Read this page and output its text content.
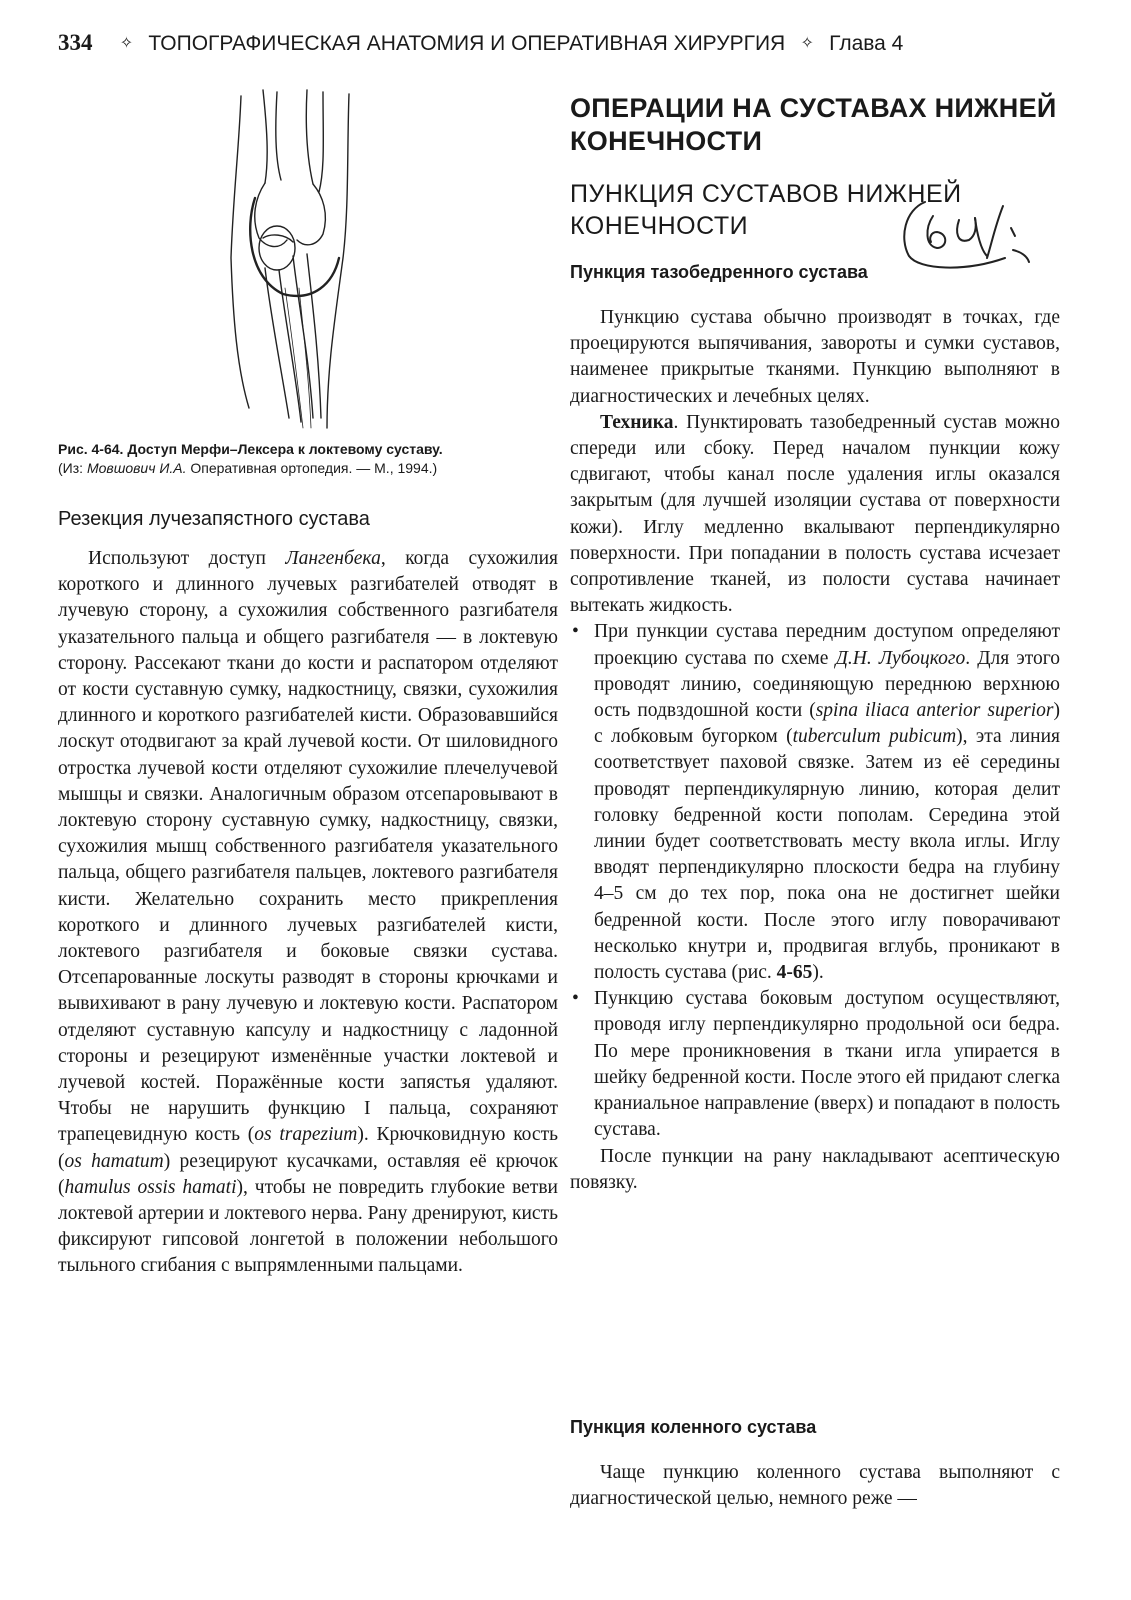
334 ✧ ТОПОГРАФИЧЕСКАЯ АНАТОМИЯ И ОПЕРАТИВНАЯ ХИРУРГИЯ ✧ Глава 4
Рис. 4-64. Доступ Мерфи–Лексера к локтевому суставу.
(Из: Мовшович И.А. Оперативная ортопедия. — М., 1994.)
Резекция лучезапястного сустава

Используют доступ Лангенбека, когда сухожилия короткого и длинного лучевых разгибателей отводят в лучевую сторону, а сухожилия собственного разгибателя указательного пальца и общего разгибателя — в локтевую сторону. Рассекают ткани до кости и распатором отделяют от кости суставную сумку, надкостницу, связки, сухожилия длинного и короткого разгибателей кисти. Образовавшийся лоскут отодвигают за край лучевой кости. От шиловидного отростка лучевой кости отделяют сухожилие плечелучевой мышцы и связки. Аналогичным образом отсепаровывают в локтевую сторону суставную сумку, надкостницу, связки, сухожилия мышц собственного разгибателя указательного пальца, общего разгибателя пальцев, локтевого разгибателя кисти. Желательно сохранить место прикрепления короткого и длинного лучевых разгибателей кисти, локтевого разгибателя и боковые связки сустава. Отсепарованные лоскуты разводят в стороны крючками и вывихивают в рану лучевую и локтевую кости. Распатором отделяют суставную капсулу и надкостницу с ладонной стороны и резецируют изменённые участки локтевой и лучевой костей. Поражённые кости запястья удаляют. Чтобы не нарушить функцию I пальца, сохраняют трапецевидную кость (os trapezium). Крючковидную кость (os hamatum) резецируют кусачками, оставляя её крючок (hamulus ossis hamati), чтобы не повредить глубокие ветви локтевой артерии и локтевого нерва. Рану дренируют, кисть фиксируют гипсовой лонгетой в положении небольшого тыльного сгибания с выпрямленными пальцами.

ОПЕРАЦИИ НА СУСТАВАХ НИЖНЕЙ КОНЕЧНОСТИ
ПУНКЦИЯ СУСТАВОВ НИЖНЕЙ КОНЕЧНОСТИ
Пункция тазобедренного сустава

Пункцию сустава обычно производят в точках, где проецируются выпячивания, завороты и сумки суставов, наименее прикрытые тканями. Пункцию выполняют в диагностических и лечебных целях.

Техника. Пунктировать тазобедренный сустав можно спереди или сбоку. Перед началом пункции кожу сдвигают, чтобы канал после удаления иглы оказался закрытым (для лучшей изоляции сустава от поверхности кожи). Иглу медленно вкалывают перпендикулярно поверхности. При попадании в полость сустава исчезает сопротивление тканей, из полости сустава начинает вытекать жидкость.

• При пункции сустава передним доступом определяют проекцию сустава по схеме Д.Н. Лубоцкого. Для этого проводят линию, соединяющую переднюю верхнюю ость подвздошной кости (spina iliaca anterior superior) с лобковым бугорком (tuberculum pubicum), эта линия соответствует паховой связке. Затем из её середины проводят перпендикулярную линию, которая делит головку бедренной кости пополам. Середина этой линии будет соответствовать месту вкола иглы. Иглу вводят перпендикулярно плоскости бедра на глубину 4–5 см до тех пор, пока она не достигнет шейки бедренной кости. После этого иглу поворачивают несколько кнутри и, продвигая вглубь, проникают в полость сустава (рис. 4-65).
• Пункцию сустава боковым доступом осуществляют, проводя иглу перпендикулярно продольной оси бедра. По мере проникновения в ткани игла упирается в шейку бедренной кости. После этого ей придают слегка краниальное направление (вверх) и попадают в полость сустава.

После пункции на рану накладывают асептическую повязку.

Пункция коленного сустава

Чаще пункцию коленного сустава выполняют с диагностической целью, немного реже —
